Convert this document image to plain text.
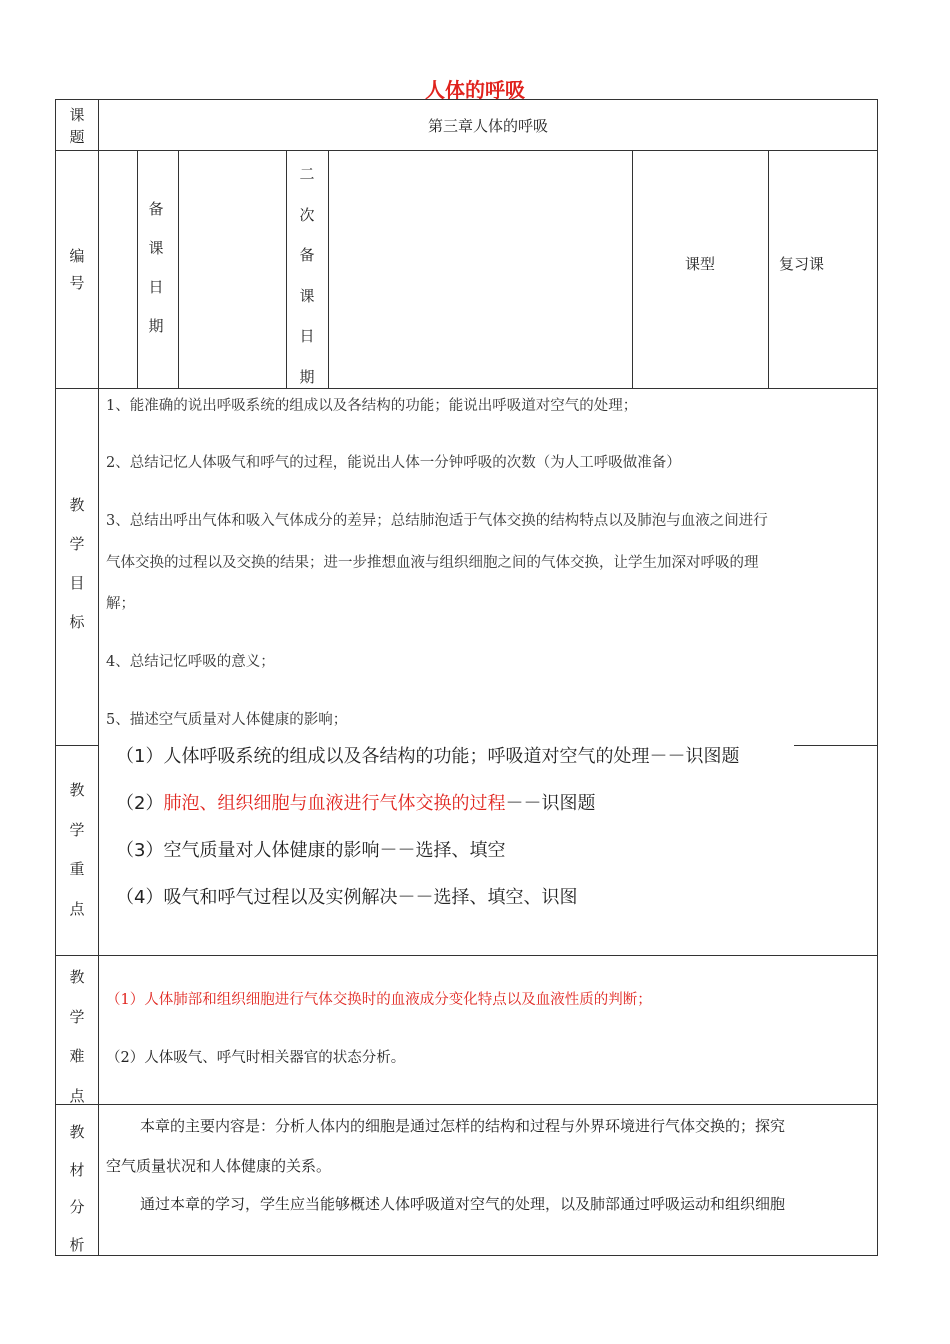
人体的呼吸
课
题
第三章人体的呼吸
编
号
备
课
日
期
二
次
备
课
日
期
课型	复习课
教
学
目
标
1、能准确的说出呼吸系统的组成以及各结构的功能；能说出呼吸道对空气的处理；
2、总结记忆人体吸气和呼气的过程，能说出人体一分钟呼吸的次数（为人工呼吸做准备）
3、总结出呼出气体和吸入气体成分的差异；总结肺泡适于气体交换的结构特点以及肺泡与血液之间进行
气体交换的过程以及交换的结果；进一步推想血液与组织细胞之间的气体交换，让学生加深对呼吸的理
解；
4、总结记忆呼吸的意义；
5、描述空气质量对人体健康的影响；
教
学
重
点
（1）人体呼吸系统的组成以及各结构的功能；呼吸道对空气的处理－－识图题
（2）肺泡、组织细胞与血液进行气体交换的过程－－识图题
（3）空气质量对人体健康的影响－－选择、填空
（4）吸气和呼气过程以及实例解决－－选择、填空、识图
教
学
难
点
（1）人体肺部和组织细胞进行气体交换时的血液成分变化特点以及血液性质的判断；
（2）人体吸气、呼气时相关器官的状态分析。
教
材
分
析
本章的主要内容是：分析人体内的细胞是通过怎样的结构和过程与外界环境进行气体交换的；探究
空气质量状况和人体健康的关系。
通过本章的学习，学生应当能够概述人体呼吸道对空气的处理，以及肺部通过呼吸运动和组织细胞
